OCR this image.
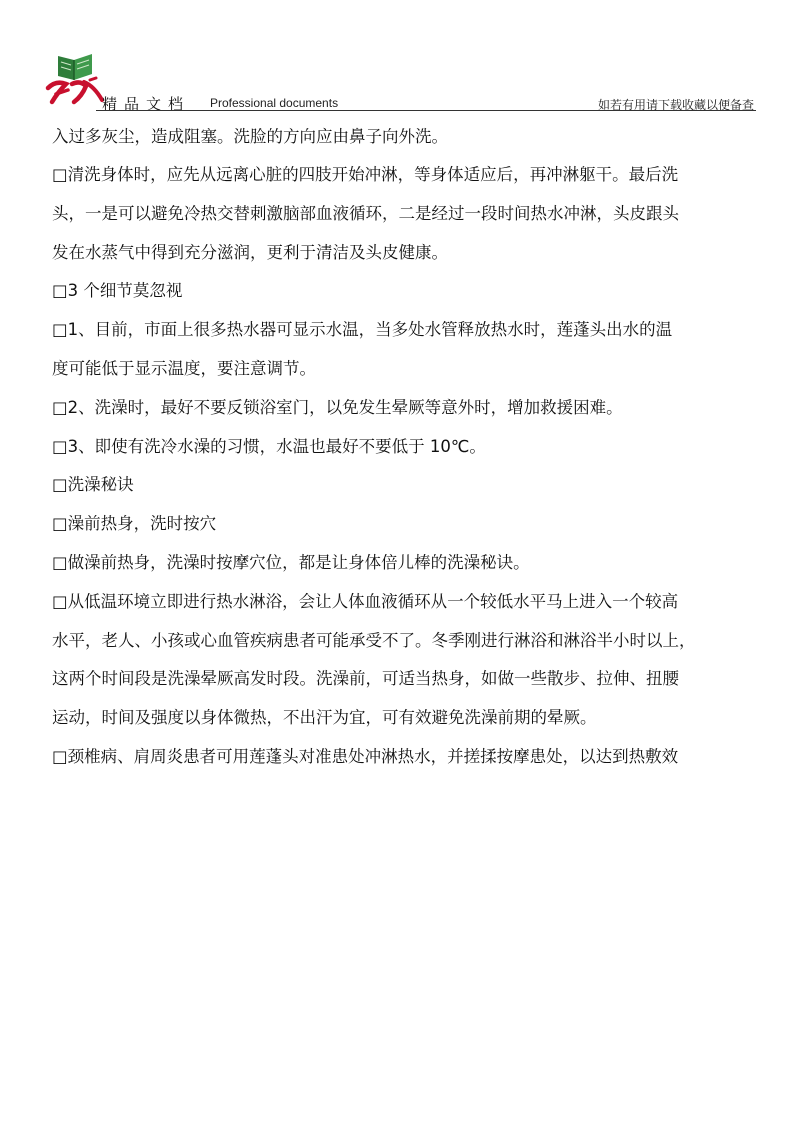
精品文档 Professional documents	如若有用请下载收藏以便备查

入过多灰尘，造成阻塞。洗脸的方向应由鼻子向外洗。

□清洗身体时，应先从远离心脏的四肢开始冲淋，等身体适应后，再冲淋躯干。最后洗

头，一是可以避免冷热交替刺激脑部血液循环，二是经过一段时间热水冲淋，头皮跟头

发在水蒸气中得到充分滋润，更利于清洁及头皮健康。

□3 个细节莫忽视

□1、目前，市面上很多热水器可显示水温，当多处水管释放热水时，莲蓬头出水的温

度可能低于显示温度，要注意调节。

□2、洗澡时，最好不要反锁浴室门，以免发生晕厥等意外时，增加救援困难。

□3、即使有洗冷水澡的习惯，水温也最好不要低于 10℃。

□洗澡秘诀

□澡前热身，洗时按穴

□做澡前热身，洗澡时按摩穴位，都是让身体倍儿棒的洗澡秘诀。

□从低温环境立即进行热水淋浴，会让人体血液循环从一个较低水平马上进入一个较高

水平，老人、小孩或心血管疾病患者可能承受不了。冬季刚进行淋浴和淋浴半小时以上，

这两个时间段是洗澡晕厥高发时段。洗澡前，可适当热身，如做一些散步、拉伸、扭腰

运动，时间及强度以身体微热，不出汗为宜，可有效避免洗澡前期的晕厥。

□颈椎病、肩周炎患者可用莲蓬头对准患处冲淋热水，并搓揉按摩患处，以达到热敷效
